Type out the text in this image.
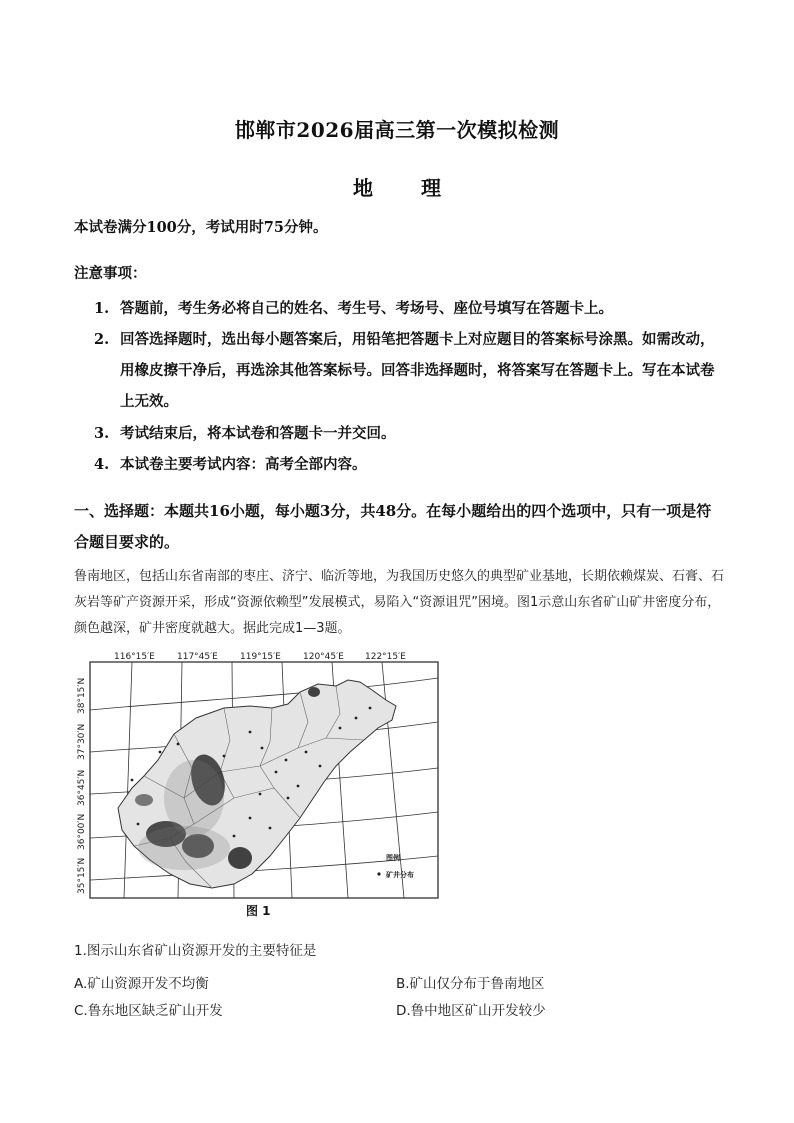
邯郸市2026届高三第一次模拟检测
地 理
本试卷满分100分，考试用时75分钟。
注意事项：
1. 答题前，考生务必将自己的姓名、考生号、考场号、座位号填写在答题卡上。
2. 回答选择题时，选出每小题答案后，用铅笔把答题卡上对应题目的答案标号涂黑。如需改动，用橡皮擦干净后，再选涂其他答案标号。回答非选择题时，将答案写在答题卡上。写在本试卷上无效。
3. 考试结束后，将本试卷和答题卡一并交回。
4. 本试卷主要考试内容：高考全部内容。
一、选择题：本题共16小题，每小题3分，共48分。在每小题给出的四个选项中，只有一项是符合题目要求的。
鲁南地区，包括山东省南部的枣庄、济宁、临沂等地，为我国历史悠久的典型矿业基地，长期依赖煤炭、石膏、石灰岩等矿产资源开采，形成“资源依赖型”发展模式，易陷入“资源诅咒”困境。图1示意山东省矿山矿井密度分布，颜色越深，矿井密度就越大。据此完成1—3题。
116°15′E 117°45′E 119°15′E 120°45′E 122°15′E
38°15′N
37°30′N
36°45′N
36°00′N
35°15′N	图例
矿井分布
图 1
1.图示山东省矿山资源开发的主要特征是
A.矿山资源开发不均衡	B.矿山仅分布于鲁南地区
C.鲁东地区缺乏矿山开发	D.鲁中地区矿山开发较少
